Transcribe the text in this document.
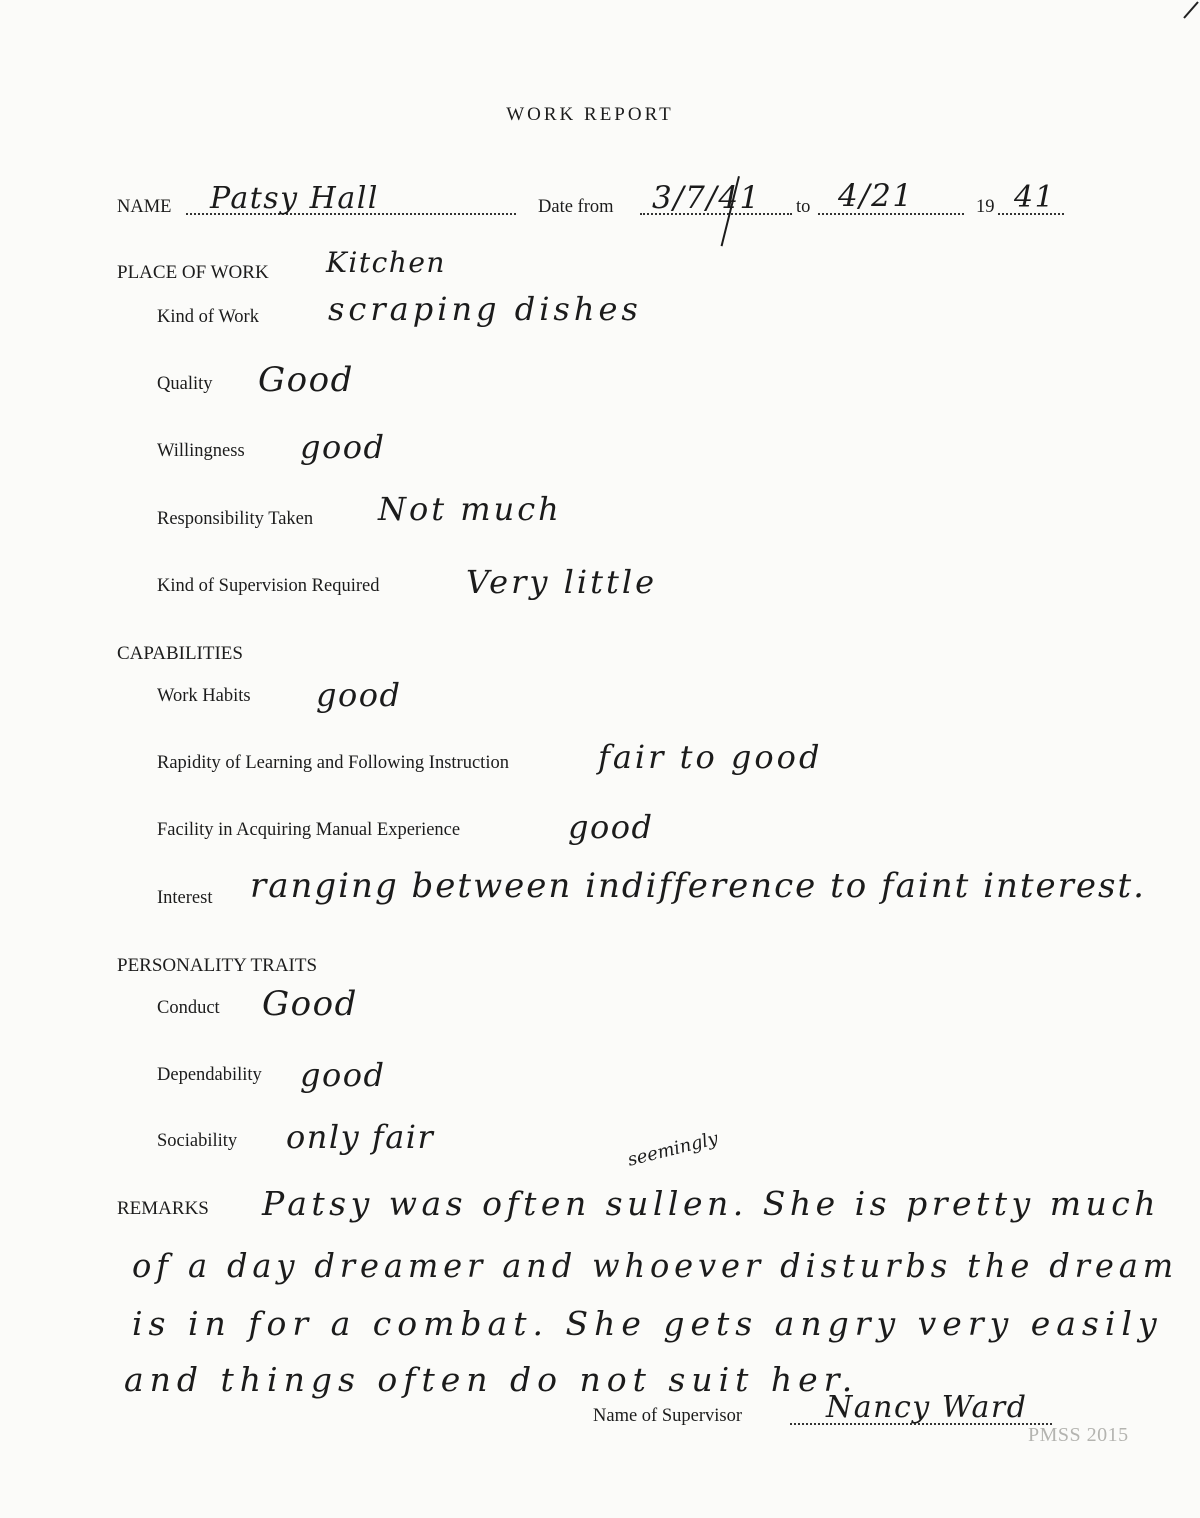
WORK REPORT
NAME Patsy Hall	Date from 3/7/41 to 4/21	19 41
PLACE OF WORK Kitchen
Kind of Work scraping dishes
Quality Good
Willingness good
Responsibility Taken Not much
Kind of Supervision Required	Very little
CAPABILITIES
Work Habits good
Rapidity of Learning and Following Instruction	fair to good
Facility in Acquiring Manual Experience	good
Interest ranging between indifference to faint interest.
PERSONALITY TRAITS
Conduct Good
Dependability good
Sociability only fair
REMARKS
seemingly
Patsy was often sullen. She is pretty much
of a day dreamer and whoever disturbs the dream
is in for a combat. She gets angry very easily
and things often do not suit her.
Name of Supervisor	Nancy Ward
PMSS 2015
